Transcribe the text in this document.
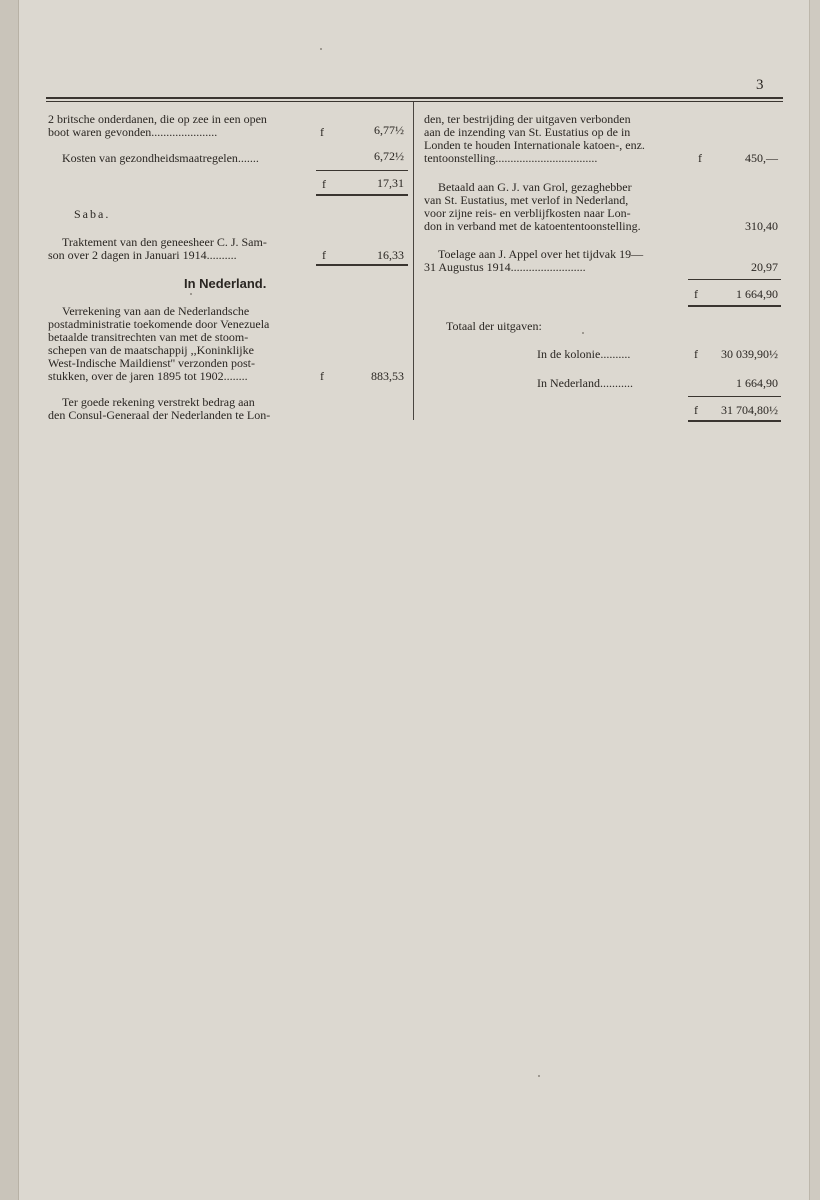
3
2 britsche onderdanen, die op zee in een open
boot waren gevonden......................	f	6,77½
Kosten van gezondheidsmaatregelen.......	6,72½
f	17,31
Saba.
Traktement van den geneesheer C. J. Sam-
son over 2 dagen in Januari 1914..........	f	16,33
In Nederland.
Verrekening van aan de Nederlandsche
postadministratie toekomende door Venezuela
betaalde transitrechten van met de stoom-
schepen van de maatschappij ,,Koninklijke
West-Indische Maildienst'' verzonden post-
stukken, over de jaren 1895 tot 1902........	f	883,53
Ter goede rekening verstrekt bedrag aan
den Consul-Generaal der Nederlanden te Lon-
den, ter bestrijding der uitgaven verbonden
aan de inzending van St. Eustatius op de in
Londen te houden Internationale katoen-, enz.
tentoonstelling..................................	f	450,—
Betaald aan G. J. van Grol, gezaghebber
van St. Eustatius, met verlof in Nederland,
voor zijne reis- en verblijfkosten naar Lon-
don in verband met de katoententoonstelling.	310,40
Toelage aan J. Appel over het tijdvak 19—
31 Augustus 1914.........................	20,97
f	1 664,90
Totaal der uitgaven:
In de kolonie..........	f	30 039,90½
In Nederland...........	1 664,90
f	31 704,80½
